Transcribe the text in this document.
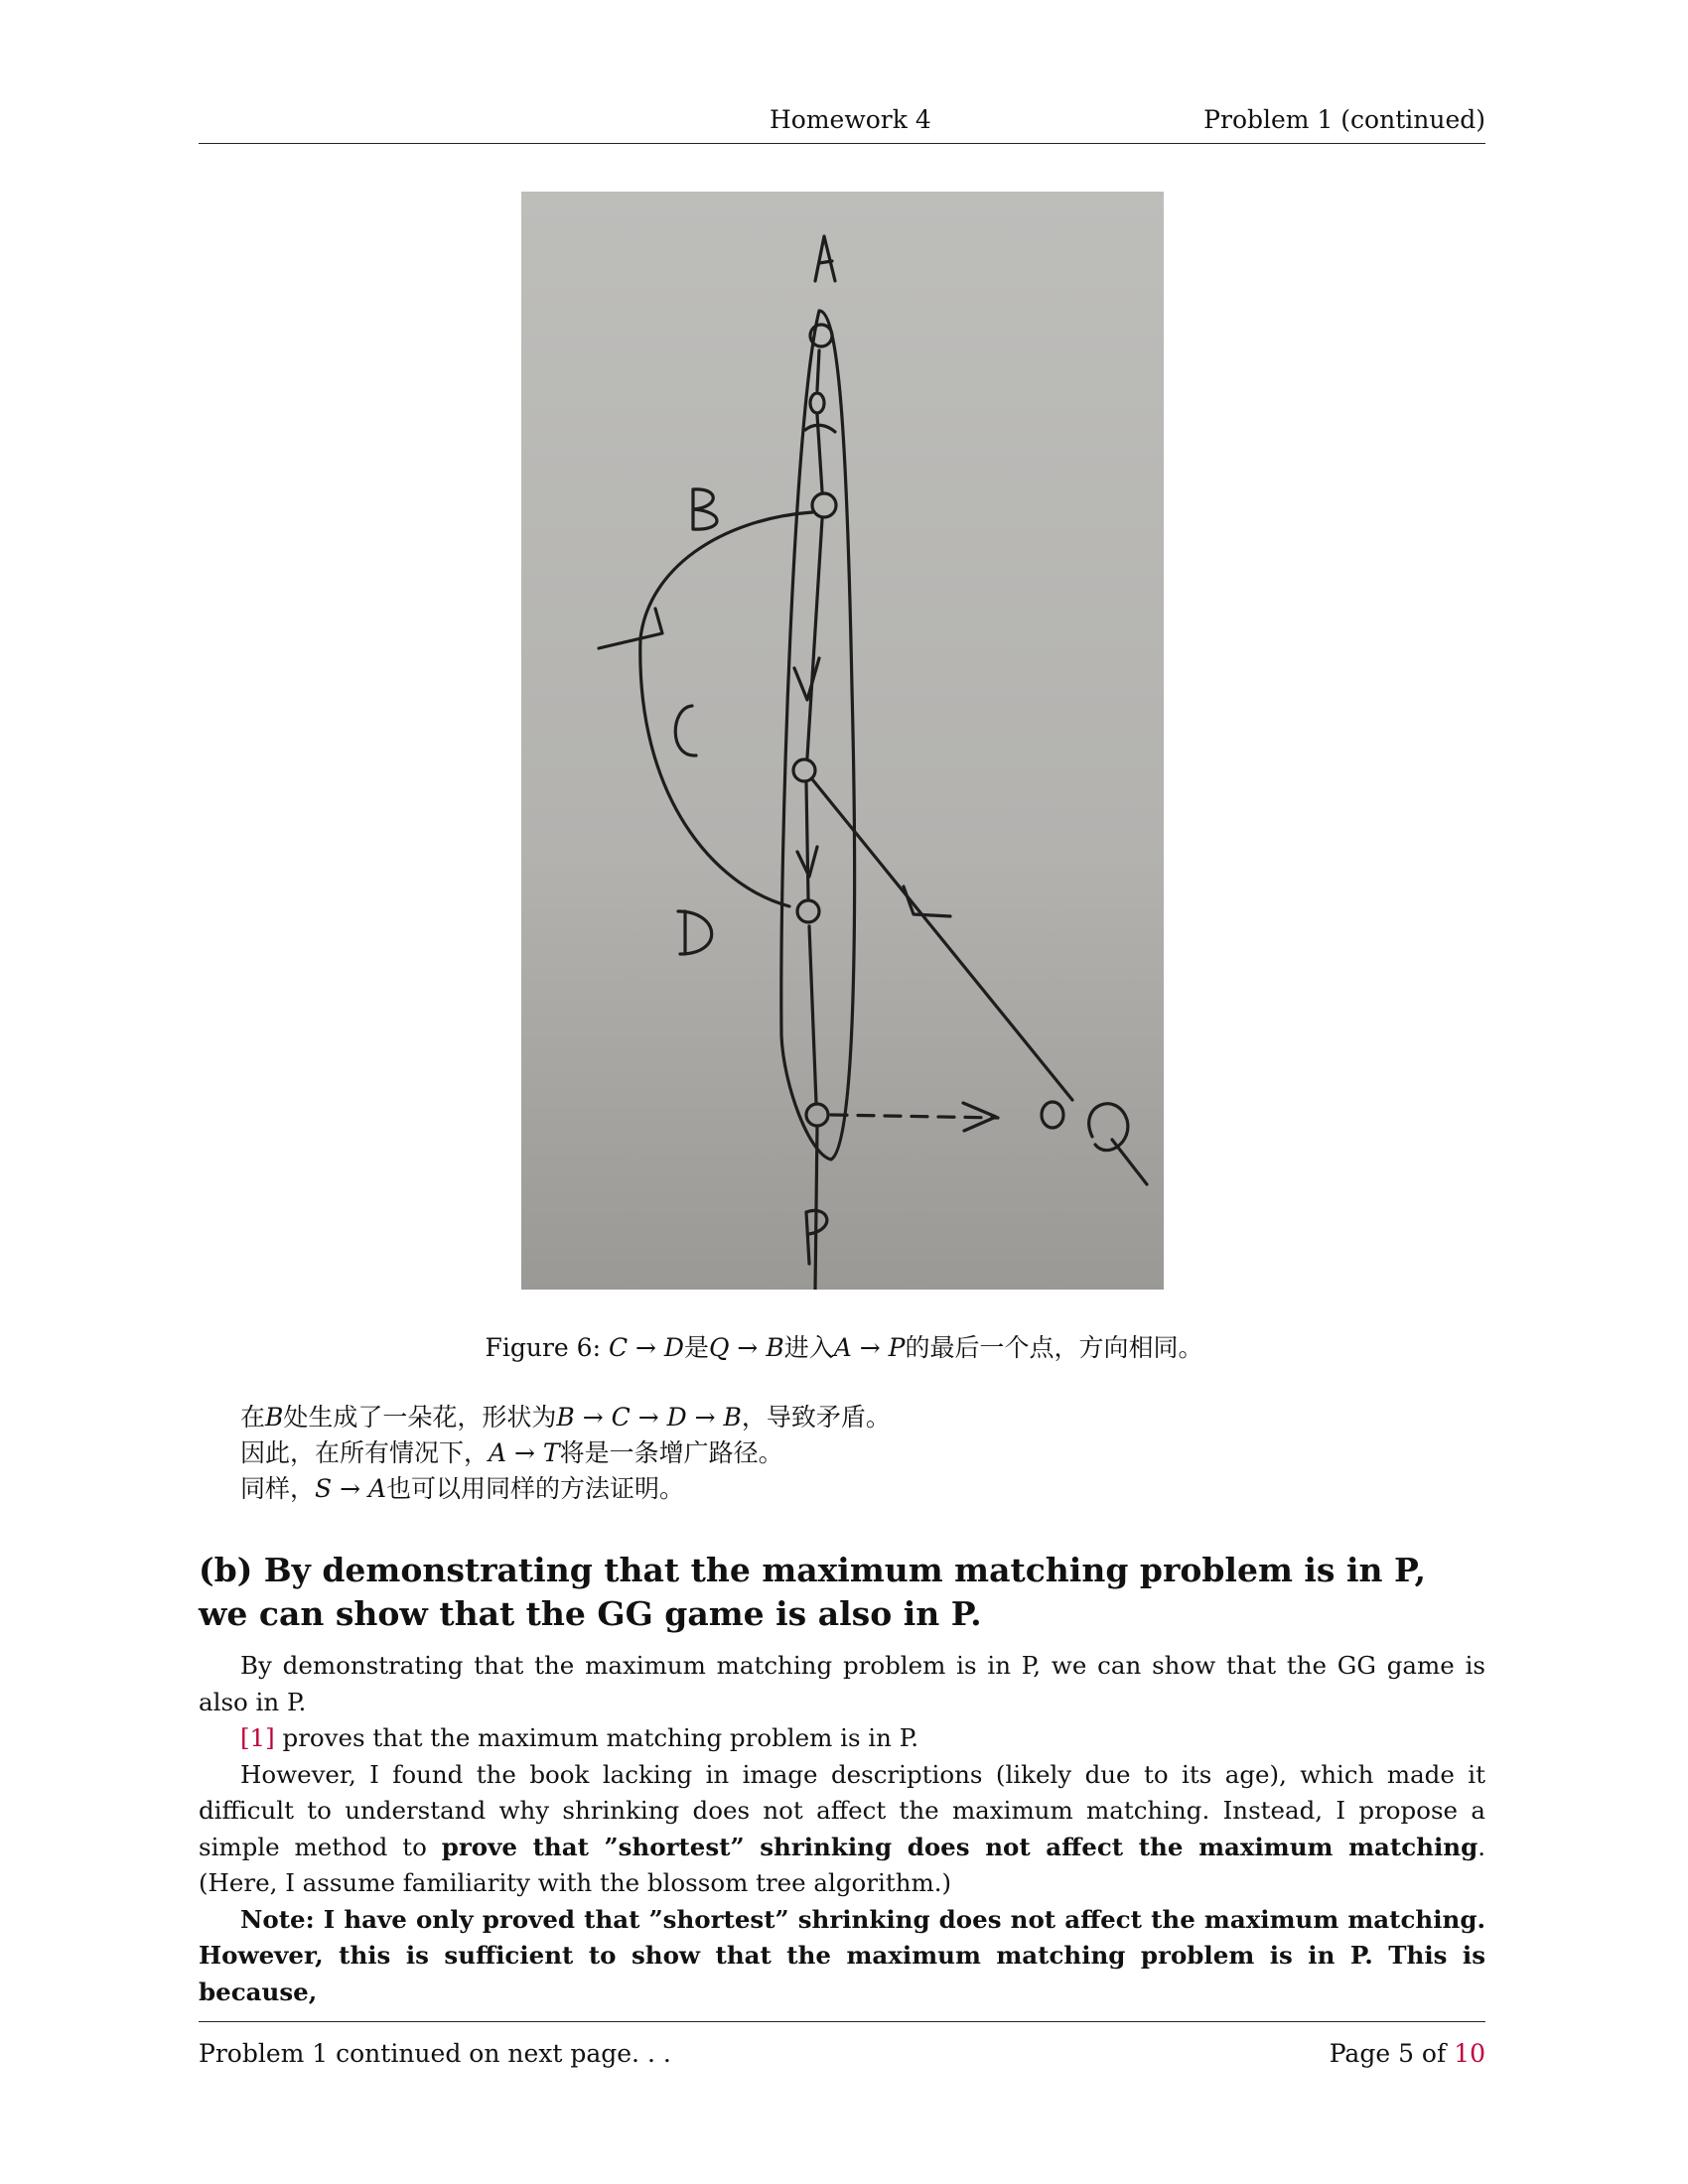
Homework 4	Problem 1 (continued)
Figure 6: C → D是Q → B进入A → P的最后一个点，方向相同。
在B处生成了一朵花，形状为B → C → D → B，导致矛盾。
因此，在所有情况下，A → T将是一条增广路径。
同样，S → A也可以用同样的方法证明。
(b) By demonstrating that the maximum matching problem is in P, we can show that the GG game is also in P.

By demonstrating that the maximum matching problem is in P, we can show that the GG game is also in P.

[1] proves that the maximum matching problem is in P.

However, I found the book lacking in image descriptions (likely due to its age), which made it difficult to understand why shrinking does not affect the maximum matching. Instead, I propose a simple method to prove that ”shortest” shrinking does not affect the maximum matching. (Here, I assume familiarity with the blossom tree algorithm.)

Note: I have only proved that ”shortest” shrinking does not affect the maximum matching. However, this is sufficient to show that the maximum matching problem is in P. This is because,

Problem 1 continued on next page. . .	Page 5 of 10
